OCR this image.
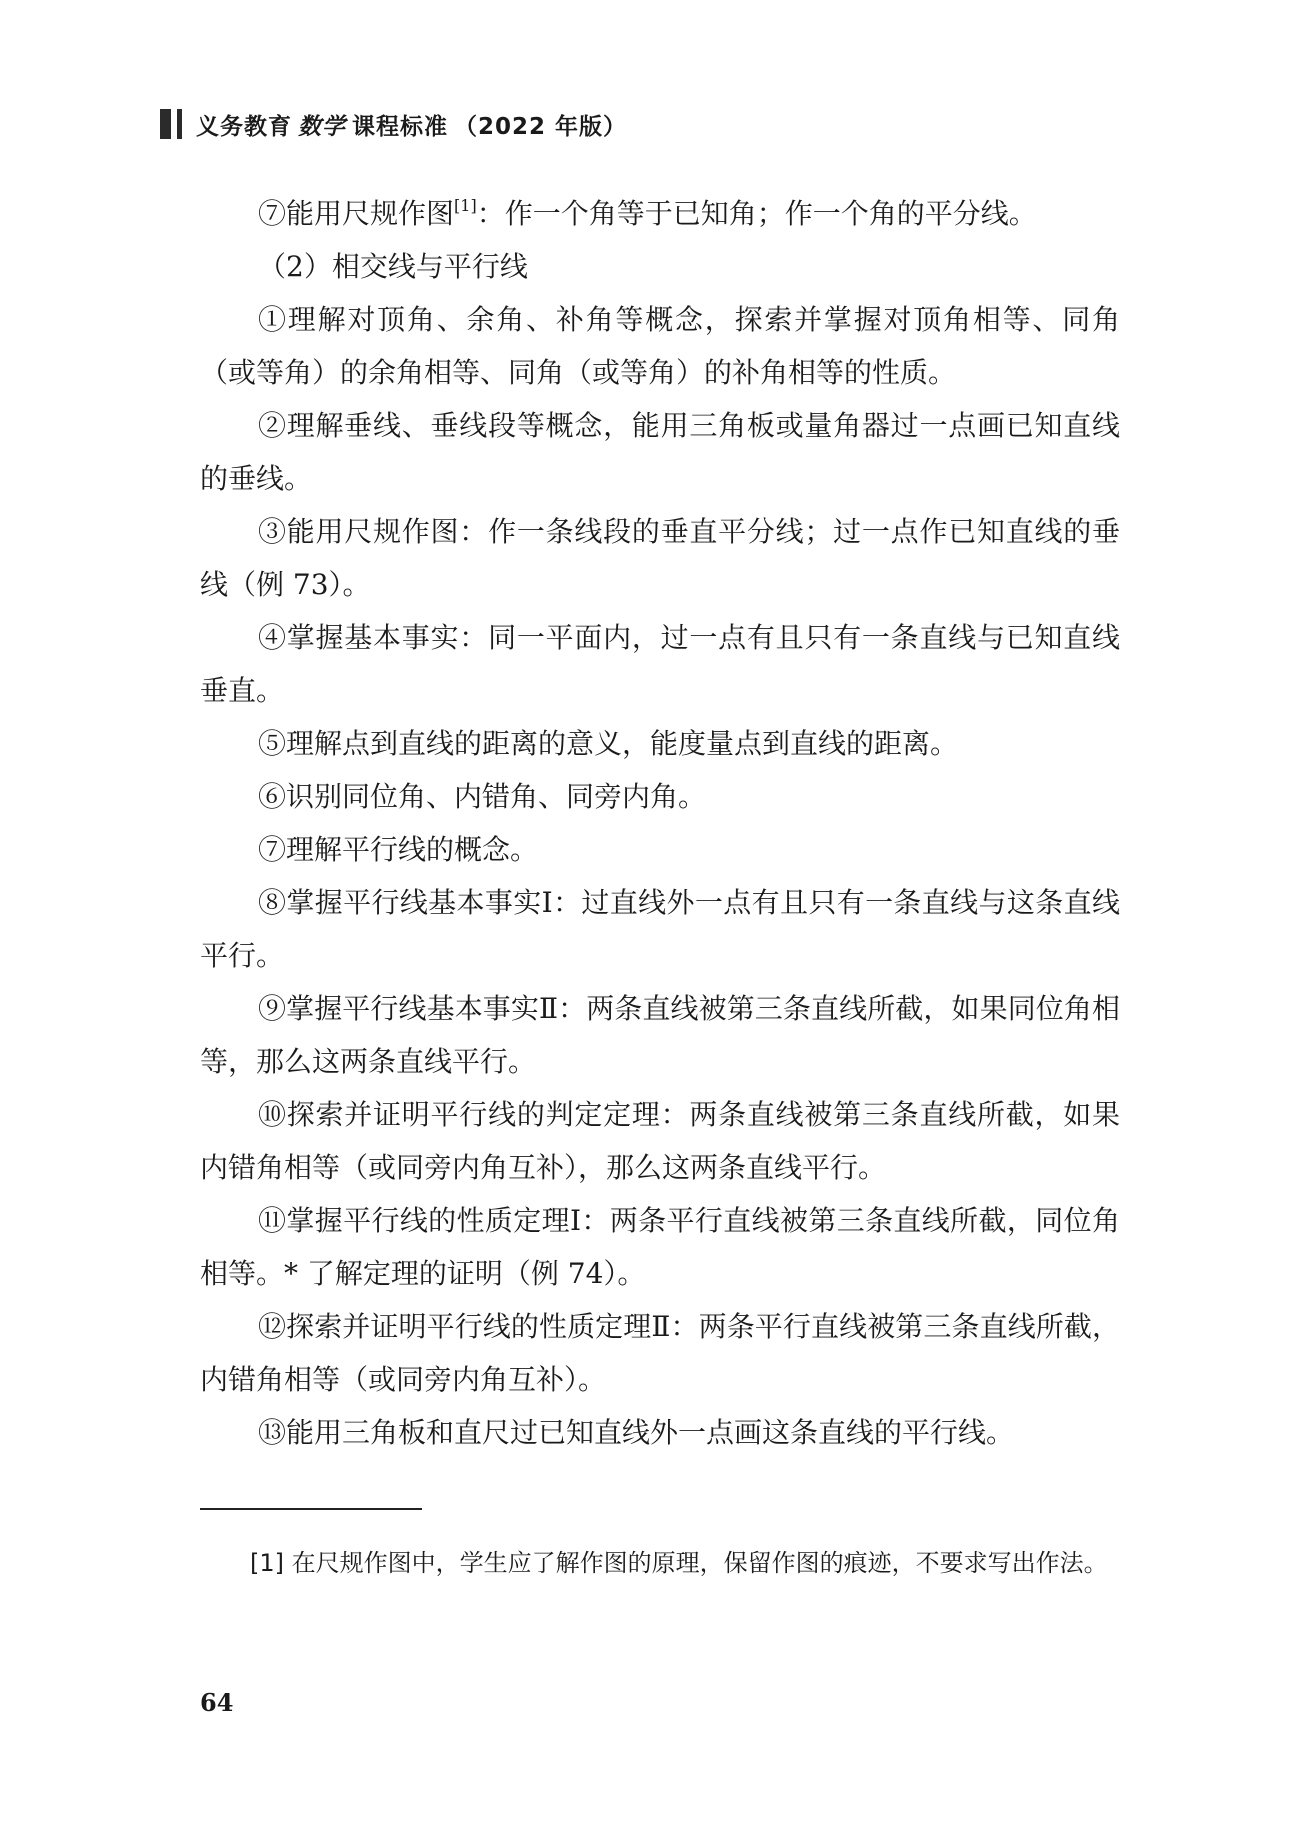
义务教育 数学 课程标准 （2022 年版）

⑦能用尺规作图[1]：作一个角等于已知角；作一个角的平分线。

（2）相交线与平行线

①理解对顶角、余角、补角等概念，探索并掌握对顶角相等、同角（或等角）的余角相等、同角（或等角）的补角相等的性质。

②理解垂线、垂线段等概念，能用三角板或量角器过一点画已知直线的垂线。

③能用尺规作图：作一条线段的垂直平分线；过一点作已知直线的垂线（例 73）。

④掌握基本事实：同一平面内，过一点有且只有一条直线与已知直线垂直。

⑤理解点到直线的距离的意义，能度量点到直线的距离。

⑥识别同位角、内错角、同旁内角。

⑦理解平行线的概念。

⑧掌握平行线基本事实Ⅰ：过直线外一点有且只有一条直线与这条直线平行。

⑨掌握平行线基本事实Ⅱ：两条直线被第三条直线所截，如果同位角相等，那么这两条直线平行。

⑩探索并证明平行线的判定定理：两条直线被第三条直线所截，如果内错角相等（或同旁内角互补），那么这两条直线平行。

⑪掌握平行线的性质定理Ⅰ：两条平行直线被第三条直线所截，同位角相等。* 了解定理的证明（例 74）。

⑫探索并证明平行线的性质定理Ⅱ：两条平行直线被第三条直线所截，内错角相等（或同旁内角互补）。

⑬能用三角板和直尺过已知直线外一点画这条直线的平行线。

[1] 在尺规作图中，学生应了解作图的原理，保留作图的痕迹，不要求写出作法。

64
